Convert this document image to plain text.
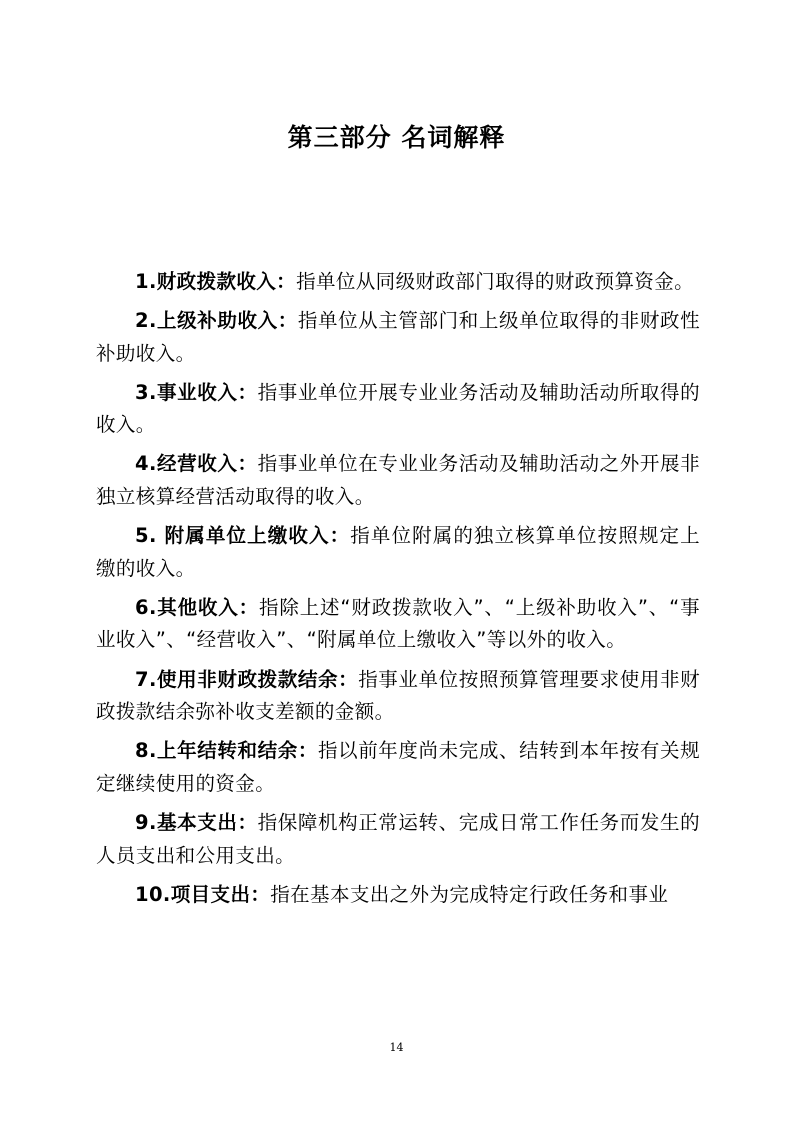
第三部分 名词解释

1.财政拨款收入：指单位从同级财政部门取得的财政预算资金。

2.上级补助收入：指单位从主管部门和上级单位取得的非财政性补助收入。

3.事业收入：指事业单位开展专业业务活动及辅助活动所取得的收入。

4.经营收入：指事业单位在专业业务活动及辅助活动之外开展非独立核算经营活动取得的收入。

5. 附属单位上缴收入：指单位附属的独立核算单位按照规定上缴的收入。

6.其他收入：指除上述“财政拨款收入”、“上级补助收入”、“事业收入”、“经营收入”、“附属单位上缴收入”等以外的收入。

7.使用非财政拨款结余：指事业单位按照预算管理要求使用非财政拨款结余弥补收支差额的金额。

8.上年结转和结余：指以前年度尚未完成、结转到本年按有关规定继续使用的资金。

9.基本支出：指保障机构正常运转、完成日常工作任务而发生的人员支出和公用支出。

10.项目支出：指在基本支出之外为完成特定行政任务和事业

14
